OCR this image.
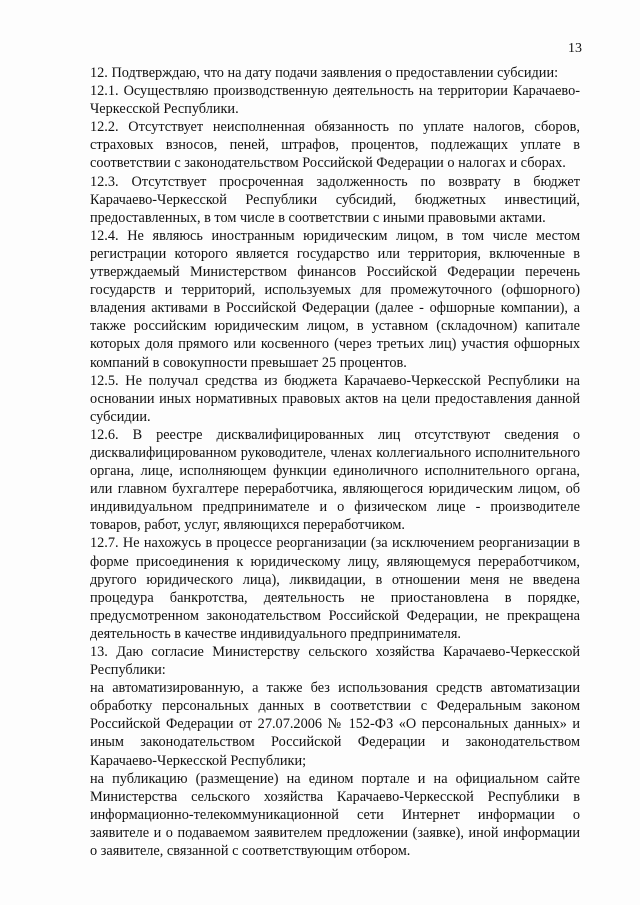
13

12. Подтверждаю, что на дату подачи заявления о предоставлении субсидии:

12.1. Осуществляю производственную деятельность на территории Карачаево-Черкесской Республики.

12.2. Отсутствует неисполненная обязанность по уплате налогов, сборов, страховых взносов, пеней, штрафов, процентов, подлежащих уплате в соответствии с законодательством Российской Федерации о налогах и сборах.

12.3. Отсутствует просроченная задолженность по возврату в бюджет Карачаево-Черкесской Республики субсидий, бюджетных инвестиций, предоставленных, в том числе в соответствии с иными правовыми актами.

12.4. Не являюсь иностранным юридическим лицом, в том числе местом регистрации которого является государство или территория, включенные в утверждаемый Министерством финансов Российской Федерации перечень государств и территорий, используемых для промежуточного (офшорного) владения активами в Российской Федерации (далее - офшорные компании), а также российским юридическим лицом, в уставном (складочном) капитале которых доля прямого или косвенного (через третьих лиц) участия офшорных компаний в совокупности превышает 25 процентов.

12.5. Не получал средства из бюджета Карачаево-Черкесской Республики на основании иных нормативных правовых актов на цели предоставления данной субсидии.

12.6. В реестре дисквалифицированных лиц отсутствуют сведения о дисквалифицированном руководителе, членах коллегиального исполнительного органа, лице, исполняющем функции единоличного исполнительного органа, или главном бухгалтере переработчика, являющегося юридическим лицом, об индивидуальном предпринимателе и о физическом лице - производителе товаров, работ, услуг, являющихся переработчиком.

12.7. Не нахожусь в процессе реорганизации (за исключением реорганизации в форме присоединения к юридическому лицу, являющемуся переработчиком, другого юридического лица), ликвидации, в отношении меня не введена процедура банкротства, деятельность не приостановлена в порядке, предусмотренном законодательством Российской Федерации, не прекращена деятельность в качестве индивидуального предпринимателя.

13. Даю согласие Министерству сельского хозяйства Карачаево-Черкесской Республики:

на автоматизированную, а также без использования средств автоматизации обработку персональных данных в соответствии с Федеральным законом Российской Федерации от 27.07.2006 № 152-ФЗ «О персональных данных» и иным законодательством Российской Федерации и законодательством Карачаево-Черкесской Республики;

на публикацию (размещение) на едином портале и на официальном сайте Министерства сельского хозяйства Карачаево-Черкесской Республики в информационно-телекоммуникационной сети Интернет информации о заявителе и о подаваемом заявителем предложении (заявке), иной информации о заявителе, связанной с соответствующим отбором.
